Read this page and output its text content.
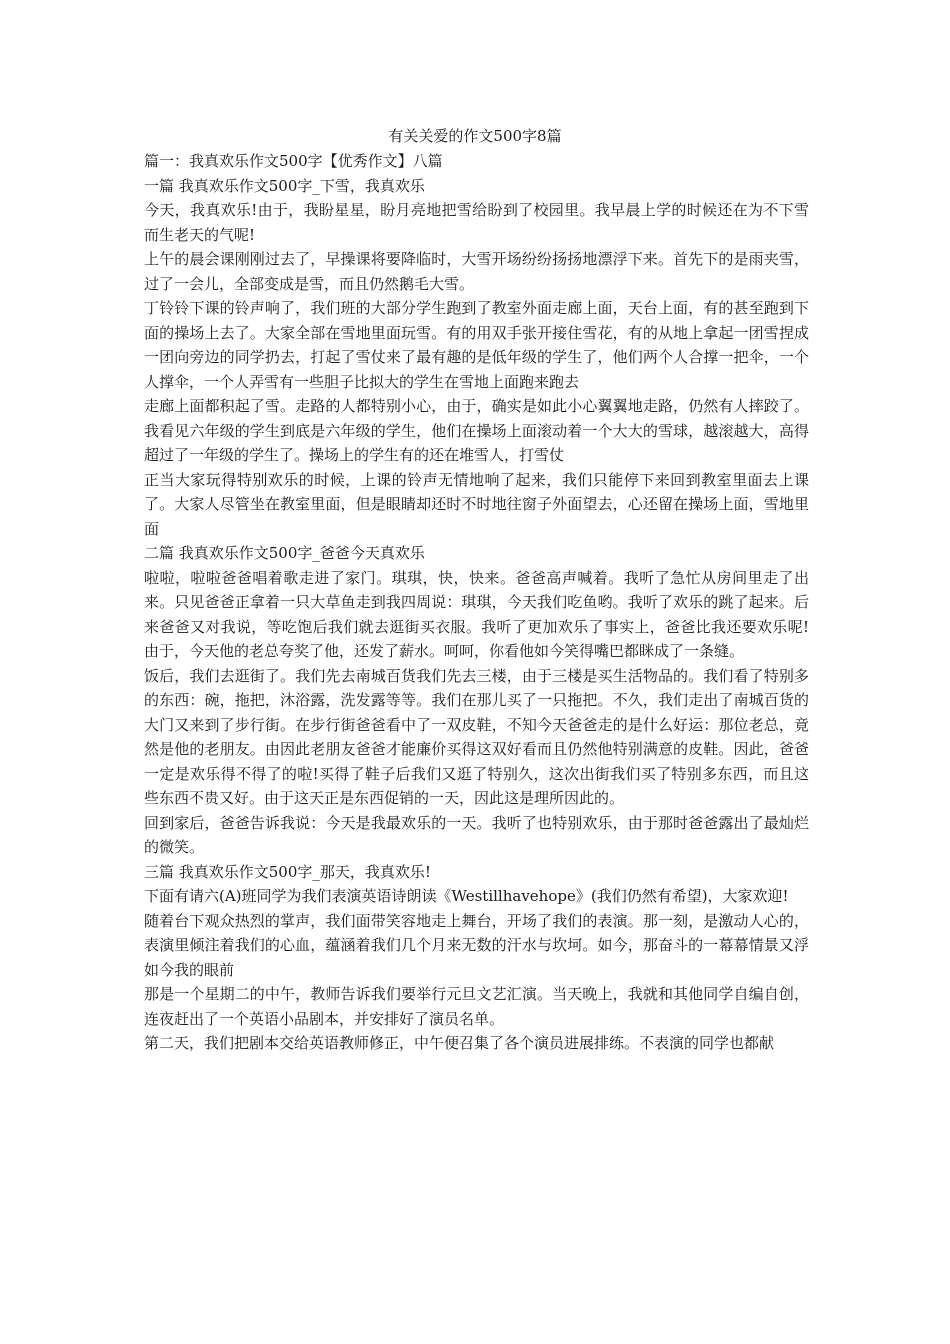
有关关爱的作文500字8篇

篇一：我真欢乐作文500字【优秀作文】八篇

一篇 我真欢乐作文500字_下雪，我真欢乐

今天，我真欢乐!由于，我盼星星，盼月亮地把雪给盼到了校园里。我早晨上学的时候还在为不下雪而生老天的气呢!

上午的晨会课刚刚过去了，早操课将要降临时，大雪开场纷纷扬扬地漂浮下来。首先下的是雨夹雪，过了一会儿，全部变成是雪，而且仍然鹅毛大雪。

丁铃铃下课的铃声响了，我们班的大部分学生跑到了教室外面走廊上面，天台上面，有的甚至跑到下面的操场上去了。大家全部在雪地里面玩雪。有的用双手张开接住雪花，有的从地上拿起一团雪捏成一团向旁边的同学扔去，打起了雪仗来了最有趣的是低年级的学生了，他们两个人合撑一把伞，一个人撑伞，一个人弄雪有一些胆子比拟大的学生在雪地上面跑来跑去

走廊上面都积起了雪。走路的人都特别小心，由于，确实是如此小心翼翼地走路，仍然有人摔跤了。我看见六年级的学生到底是六年级的学生，他们在操场上面滚动着一个大大的雪球，越滚越大，高得超过了一年级的学生了。操场上的学生有的还在堆雪人，打雪仗

正当大家玩得特别欢乐的时候，上课的铃声无情地响了起来，我们只能停下来回到教室里面去上课了。大家人尽管坐在教室里面，但是眼睛却还时不时地往窗子外面望去，心还留在操场上面，雪地里面

二篇 我真欢乐作文500字_爸爸今天真欢乐

啦啦，啦啦爸爸唱着歌走进了家门。琪琪，快，快来。爸爸高声喊着。我听了急忙从房间里走了出来。只见爸爸正拿着一只大草鱼走到我四周说：琪琪，今天我们吃鱼哟。我听了欢乐的跳了起来。后来爸爸又对我说，等吃饱后我们就去逛街买衣服。我听了更加欢乐了事实上，爸爸比我还要欢乐呢!由于，今天他的老总夸奖了他，还发了薪水。呵呵，你看他如今笑得嘴巴都眯成了一条缝。

饭后，我们去逛街了。我们先去南城百货我们先去三楼，由于三楼是买生活物品的。我们看了特别多的东西：碗，拖把，沐浴露，洗发露等等。我们在那儿买了一只拖把。不久，我们走出了南城百货的大门又来到了步行街。在步行街爸爸看中了一双皮鞋，不知今天爸爸走的是什么好运：那位老总，竟然是他的老朋友。由因此老朋友爸爸才能廉价买得这双好看而且仍然他特别满意的皮鞋。因此，爸爸一定是欢乐得不得了的啦!买得了鞋子后我们又逛了特别久，这次出街我们买了特别多东西，而且这些东西不贵又好。由于这天正是东西促销的一天，因此这是理所因此的。

回到家后，爸爸告诉我说：今天是我最欢乐的一天。我听了也特别欢乐，由于那时爸爸露出了最灿烂的微笑。

三篇 我真欢乐作文500字_那天，我真欢乐!

下面有请六(A)班同学为我们表演英语诗朗读《Westillhavehope》(我们仍然有希望)，大家欢迎!

随着台下观众热烈的掌声，我们面带笑容地走上舞台，开场了我们的表演。那一刻，是激动人心的，表演里倾注着我们的心血，蕴涵着我们几个月来无数的汗水与坎坷。如今，那奋斗的一幕幕情景又浮如今我的眼前

那是一个星期二的中午，教师告诉我们要举行元旦文艺汇演。当天晚上，我就和其他同学自编自创，连夜赶出了一个英语小品剧本，并安排好了演员名单。

第二天，我们把剧本交给英语教师修正，中午便召集了各个演员进展排练。不表演的同学也都献
